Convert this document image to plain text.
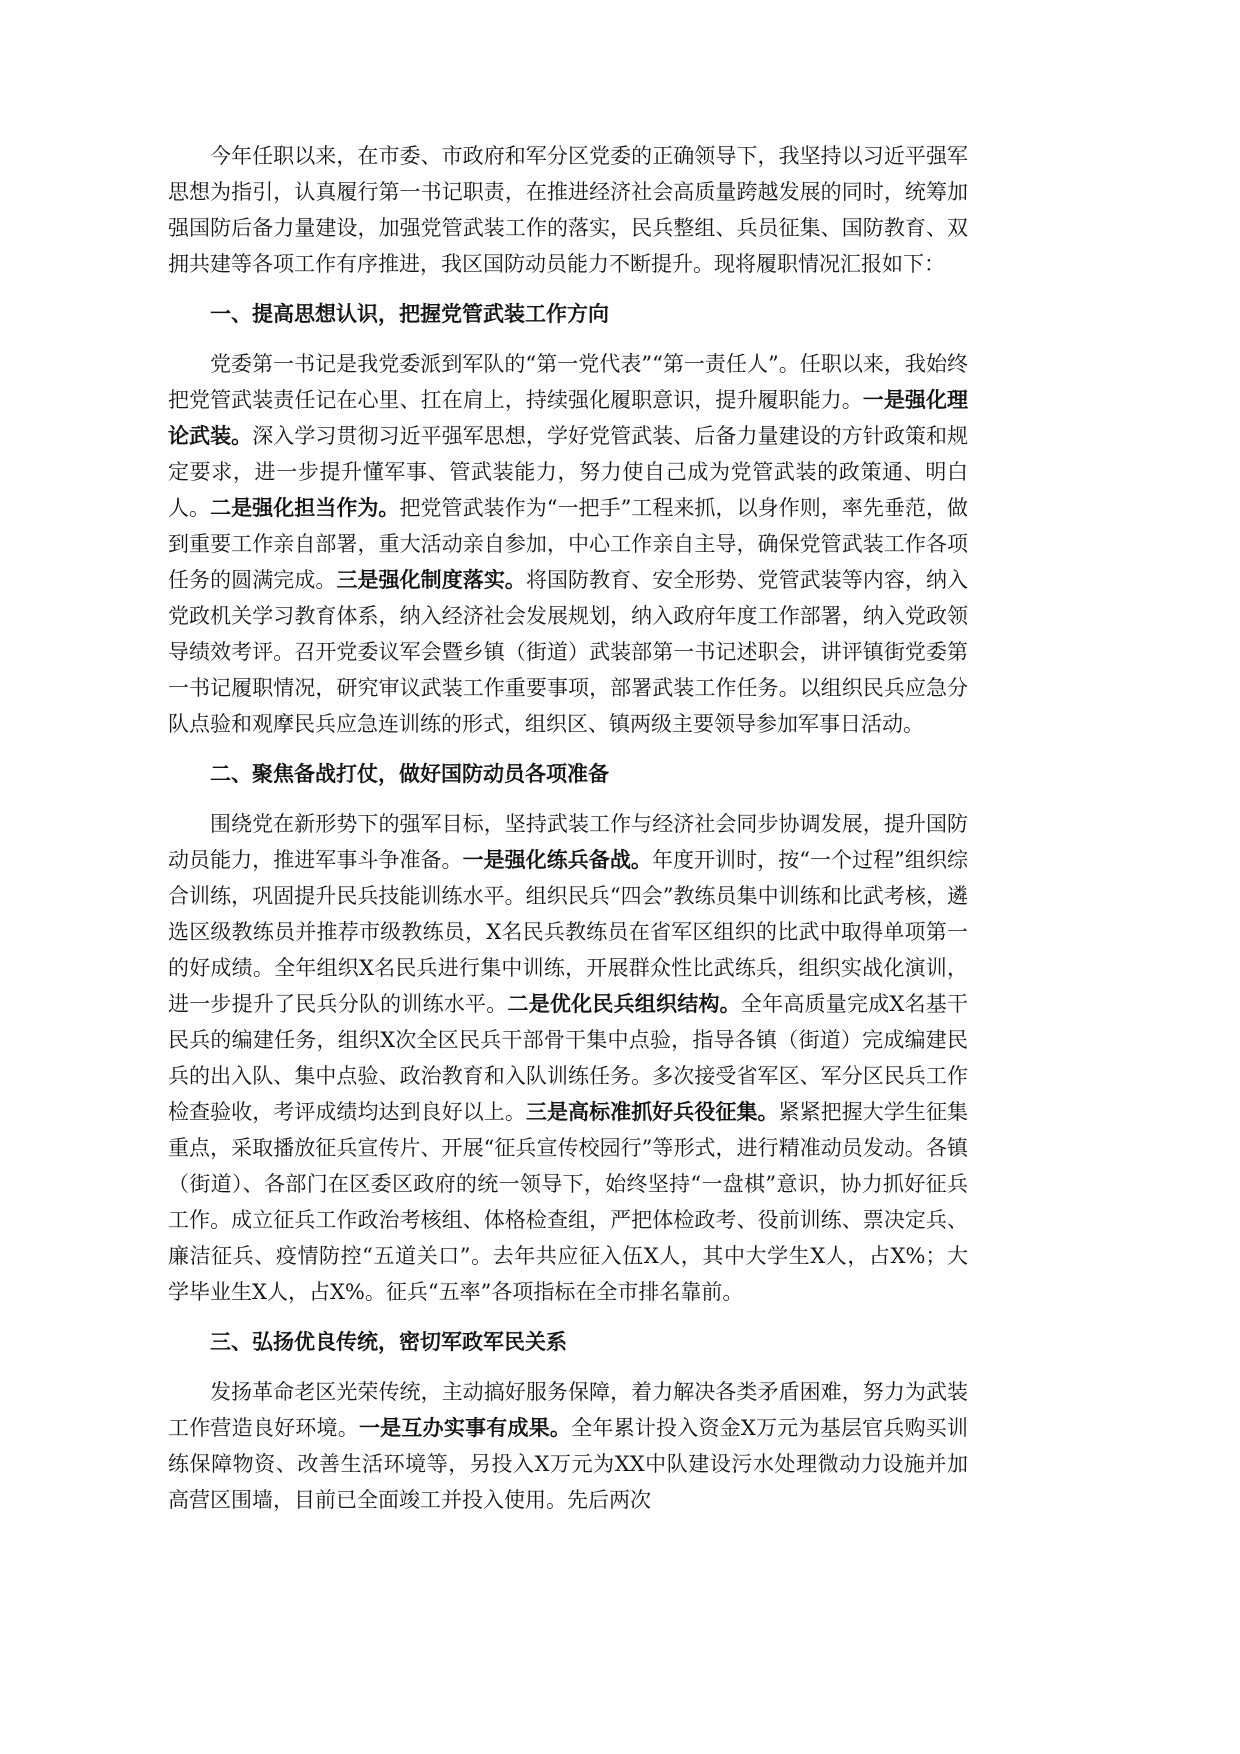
今年任职以来，在市委、市政府和军分区党委的正确领导下，我坚持以习近平强军思想为指引，认真履行第一书记职责，在推进经济社会高质量跨越发展的同时，统筹加强国防后备力量建设，加强党管武装工作的落实，民兵整组、兵员征集、国防教育、双拥共建等各项工作有序推进，我区国防动员能力不断提升。现将履职情况汇报如下：

一、提高思想认识，把握党管武装工作方向

党委第一书记是我党委派到军队的“第一党代表”“第一责任人”。任职以来，我始终把党管武装责任记在心里、扛在肩上，持续强化履职意识，提升履职能力。一是强化理论武装。深入学习贯彻习近平强军思想，学好党管武装、后备力量建设的方针政策和规定要求，进一步提升懂军事、管武装能力，努力使自己成为党管武装的政策通、明白人。二是强化担当作为。把党管武装作为“一把手”工程来抓，以身作则，率先垂范，做到重要工作亲自部署，重大活动亲自参加，中心工作亲自主导，确保党管武装工作各项任务的圆满完成。三是强化制度落实。将国防教育、安全形势、党管武装等内容，纳入党政机关学习教育体系，纳入经济社会发展规划，纳入政府年度工作部署，纳入党政领导绩效考评。召开党委议军会暨乡镇（街道）武装部第一书记述职会，讲评镇街党委第一书记履职情况，研究审议武装工作重要事项，部署武装工作任务。以组织民兵应急分队点验和观摩民兵应急连训练的形式，组织区、镇两级主要领导参加军事日活动。

二、聚焦备战打仗，做好国防动员各项准备

围绕党在新形势下的强军目标，坚持武装工作与经济社会同步协调发展，提升国防动员能力，推进军事斗争准备。一是强化练兵备战。年度开训时，按“一个过程”组织综合训练，巩固提升民兵技能训练水平。组织民兵“四会”教练员集中训练和比武考核，遴选区级教练员并推荐市级教练员，X名民兵教练员在省军区组织的比武中取得单项第一的好成绩。全年组织X名民兵进行集中训练，开展群众性比武练兵，组织实战化演训，进一步提升了民兵分队的训练水平。二是优化民兵组织结构。全年高质量完成X名基干民兵的编建任务，组织X次全区民兵干部骨干集中点验，指导各镇（街道）完成编建民兵的出入队、集中点验、政治教育和入队训练任务。多次接受省军区、军分区民兵工作检查验收，考评成绩均达到良好以上。三是高标准抓好兵役征集。紧紧把握大学生征集重点，采取播放征兵宣传片、开展“征兵宣传校园行”等形式，进行精准动员发动。各镇（街道）、各部门在区委区政府的统一领导下，始终坚持“一盘棋”意识，协力抓好征兵工作。成立征兵工作政治考核组、体格检查组，严把体检政考、役前训练、票决定兵、廉洁征兵、疫情防控“五道关口”。去年共应征入伍X人，其中大学生X人，占X%；大学毕业生X人，占X%。征兵“五率”各项指标在全市排名靠前。

三、弘扬优良传统，密切军政军民关系

发扬革命老区光荣传统，主动搞好服务保障，着力解决各类矛盾困难，努力为武装工作营造良好环境。一是互办实事有成果。全年累计投入资金X万元为基层官兵购买训练保障物资、改善生活环境等，另投入X万元为XX中队建设污水处理微动力设施并加高营区围墙，目前已全面竣工并投入使用。先后两次
